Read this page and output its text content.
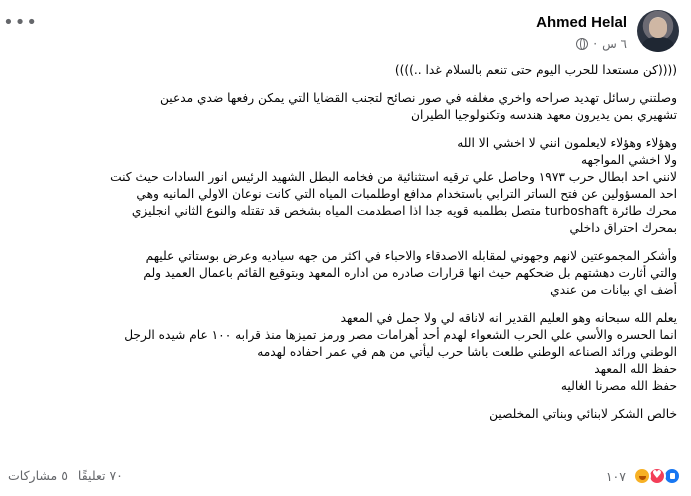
Ahmed Helal
٦ س
·
•••

((((كن مستعدا للحرب اليوم حتى تنعم بالسلام غدا ..))))

وصلتني رسائل تهديد صراحه واخري مغلفه في صور نصائح لتجنب القضايا التي يمكن رفعها ضدي مدعين

تشهيري بمن يديرون معهد هندسه وتكنولوجيا الطيران

وهؤلاء وهؤلاء لايعلمون انني لا اخشي الا الله

ولا اخشي المواجهه

لانني احد ابطال حرب ١٩٧٣ وحاصل علي ترقيه استثنائية من فخامه البطل الشهيد الرئيس انور السادات حيث كنت

احد المسؤولين عن فتح الساتر الترابي باستخدام مدافع اوطلمبات المياه التي كانت نوعان الاولي المانيه وهي

محرك طائرة turboshaft متصل بطلمبه قويه جدا اذا اصطدمت المياه بشخص قد تقتله والنوع الثاني انجليزي

بمحرك احتراق داخلي

وأشكر المجموعتين لانهم وجهوني لمقابله الاصدقاء والاحباء في اكثر من جهه سياديه وعرض بوستاتي عليهم

والتي أثارت دهشتهم بل ضحكهم حيث انها قرارات صادره من اداره المعهد وبتوقيع القائم باعمال العميد ولم

أضف اي بيانات من عندي

يعلم الله سبحانه وهو العليم القدير انه لاناقه لي ولا جمل في المعهد

انما الحسره والأسي علي الحرب الشعواء لهدم أحد أهرامات مصر ورمز تميزها منذ قرابه ١٠٠ عام شيده الرجل

الوطني ورائد الصناعه الوطني طلعت باشا حرب ليأتي من هم في عمر احفاده لهدمه

حفظ الله المعهد

حفظ الله مصرنا الغاليه

خالص الشكر لابنائي وبناتي المخلصين

♥
١٠٧
٧٠ تعليقًا
٥ مشاركات
